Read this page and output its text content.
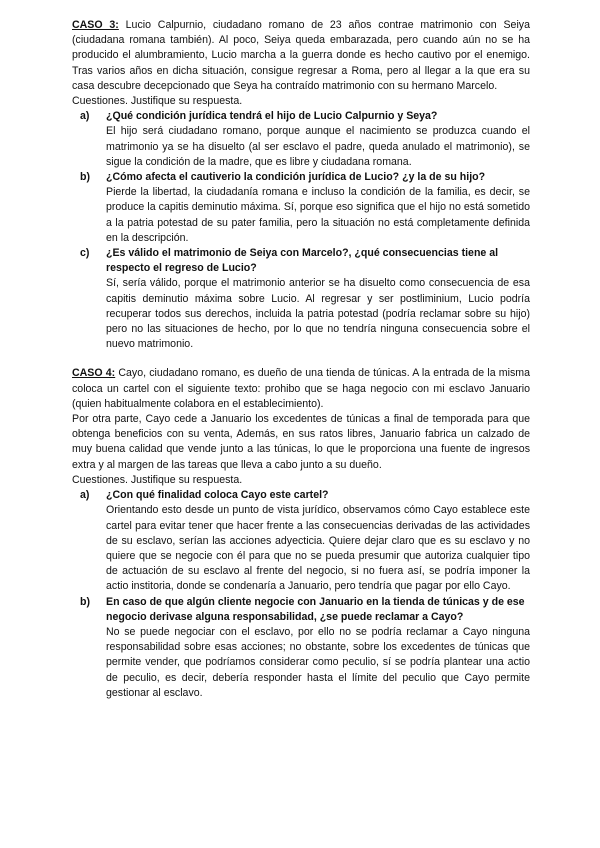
CASO 3: Lucio Calpurnio, ciudadano romano de 23 años contrae matrimonio con Seiya (ciudadana romana también). Al poco, Seiya queda embarazada, pero cuando aún no se ha producido el alumbramiento, Lucio marcha a la guerra donde es hecho cautivo por el enemigo. Tras varios años en dicha situación, consigue regresar a Roma, pero al llegar a la que era su casa descubre decepcionado que Seya ha contraído matrimonio con su hermano Marcelo.

Cuestiones. Justifique su respuesta.

a)	¿Qué condición jurídica tendrá el hijo de Lucio Calpurnio y Seya?

El hijo será ciudadano romano, porque aunque el nacimiento se produzca cuando el matrimonio ya se ha disuelto (al ser esclavo el padre, queda anulado el matrimonio), se sigue la condición de la madre, que es libre y ciudadana romana.

b)	¿Cómo afecta el cautiverio la condición jurídica de Lucio? ¿y la de su hijo?

Pierde la libertad, la ciudadanía romana e incluso la condición de la familia, es decir, se produce la capitis deminutio máxima. Sí, porque eso significa que el hijo no está sometido a la patria potestad de su pater familia, pero la situación no está completamente definida en la descripción.

c)	¿Es válido el matrimonio de Seiya con Marcelo?, ¿qué consecuencias tiene al respecto el regreso de Lucio?

Sí, sería válido, porque el matrimonio anterior se ha disuelto como consecuencia de esa capitis deminutio máxima sobre Lucio. Al regresar y ser postliminium, Lucio podría recuperar todos sus derechos, incluida la patria potestad (podría reclamar sobre su hijo) pero no las situaciones de hecho, por lo que no tendría ninguna consecuencia sobre el nuevo matrimonio.

CASO 4: Cayo, ciudadano romano, es dueño de una tienda de túnicas. A la entrada de la misma coloca un cartel con el siguiente texto: prohibo que se haga negocio con mi esclavo Januario (quien habitualmente colabora en el establecimiento).

Por otra parte, Cayo cede a Januario los excedentes de túnicas a final de temporada para que obtenga beneficios con su venta, Además, en sus ratos libres, Januario fabrica un calzado de muy buena calidad que vende junto a las túnicas, lo que le proporciona una fuente de ingresos extra y al margen de las tareas que lleva a cabo junto a su dueño.

Cuestiones. Justifique su respuesta.

a)	¿Con qué finalidad coloca Cayo este cartel?

Orientando esto desde un punto de vista jurídico, observamos cómo Cayo establece este cartel para evitar tener que hacer frente a las consecuencias derivadas de las actividades de su esclavo, serían las acciones adyecticia. Quiere dejar claro que es su esclavo y no quiere que se negocie con él para que no se pueda presumir que autoriza cualquier tipo de actuación de su esclavo al frente del negocio, si no fuera así, se podría imponer la actio institoria, donde se condenaría a Januario, pero tendría que pagar por ello Cayo.

b)	En caso de que algún cliente negocie con Januario en la tienda de túnicas y de ese negocio derivase alguna responsabilidad, ¿se puede reclamar a Cayo?

No se puede negociar con el esclavo, por ello no se podría reclamar a Cayo ninguna responsabilidad sobre esas acciones; no obstante, sobre los excedentes de túnicas que permite vender, que podríamos considerar como peculio, sí se podría plantear una actio de peculio, es decir, debería responder hasta el límite del peculio que Cayo permite gestionar al esclavo.
